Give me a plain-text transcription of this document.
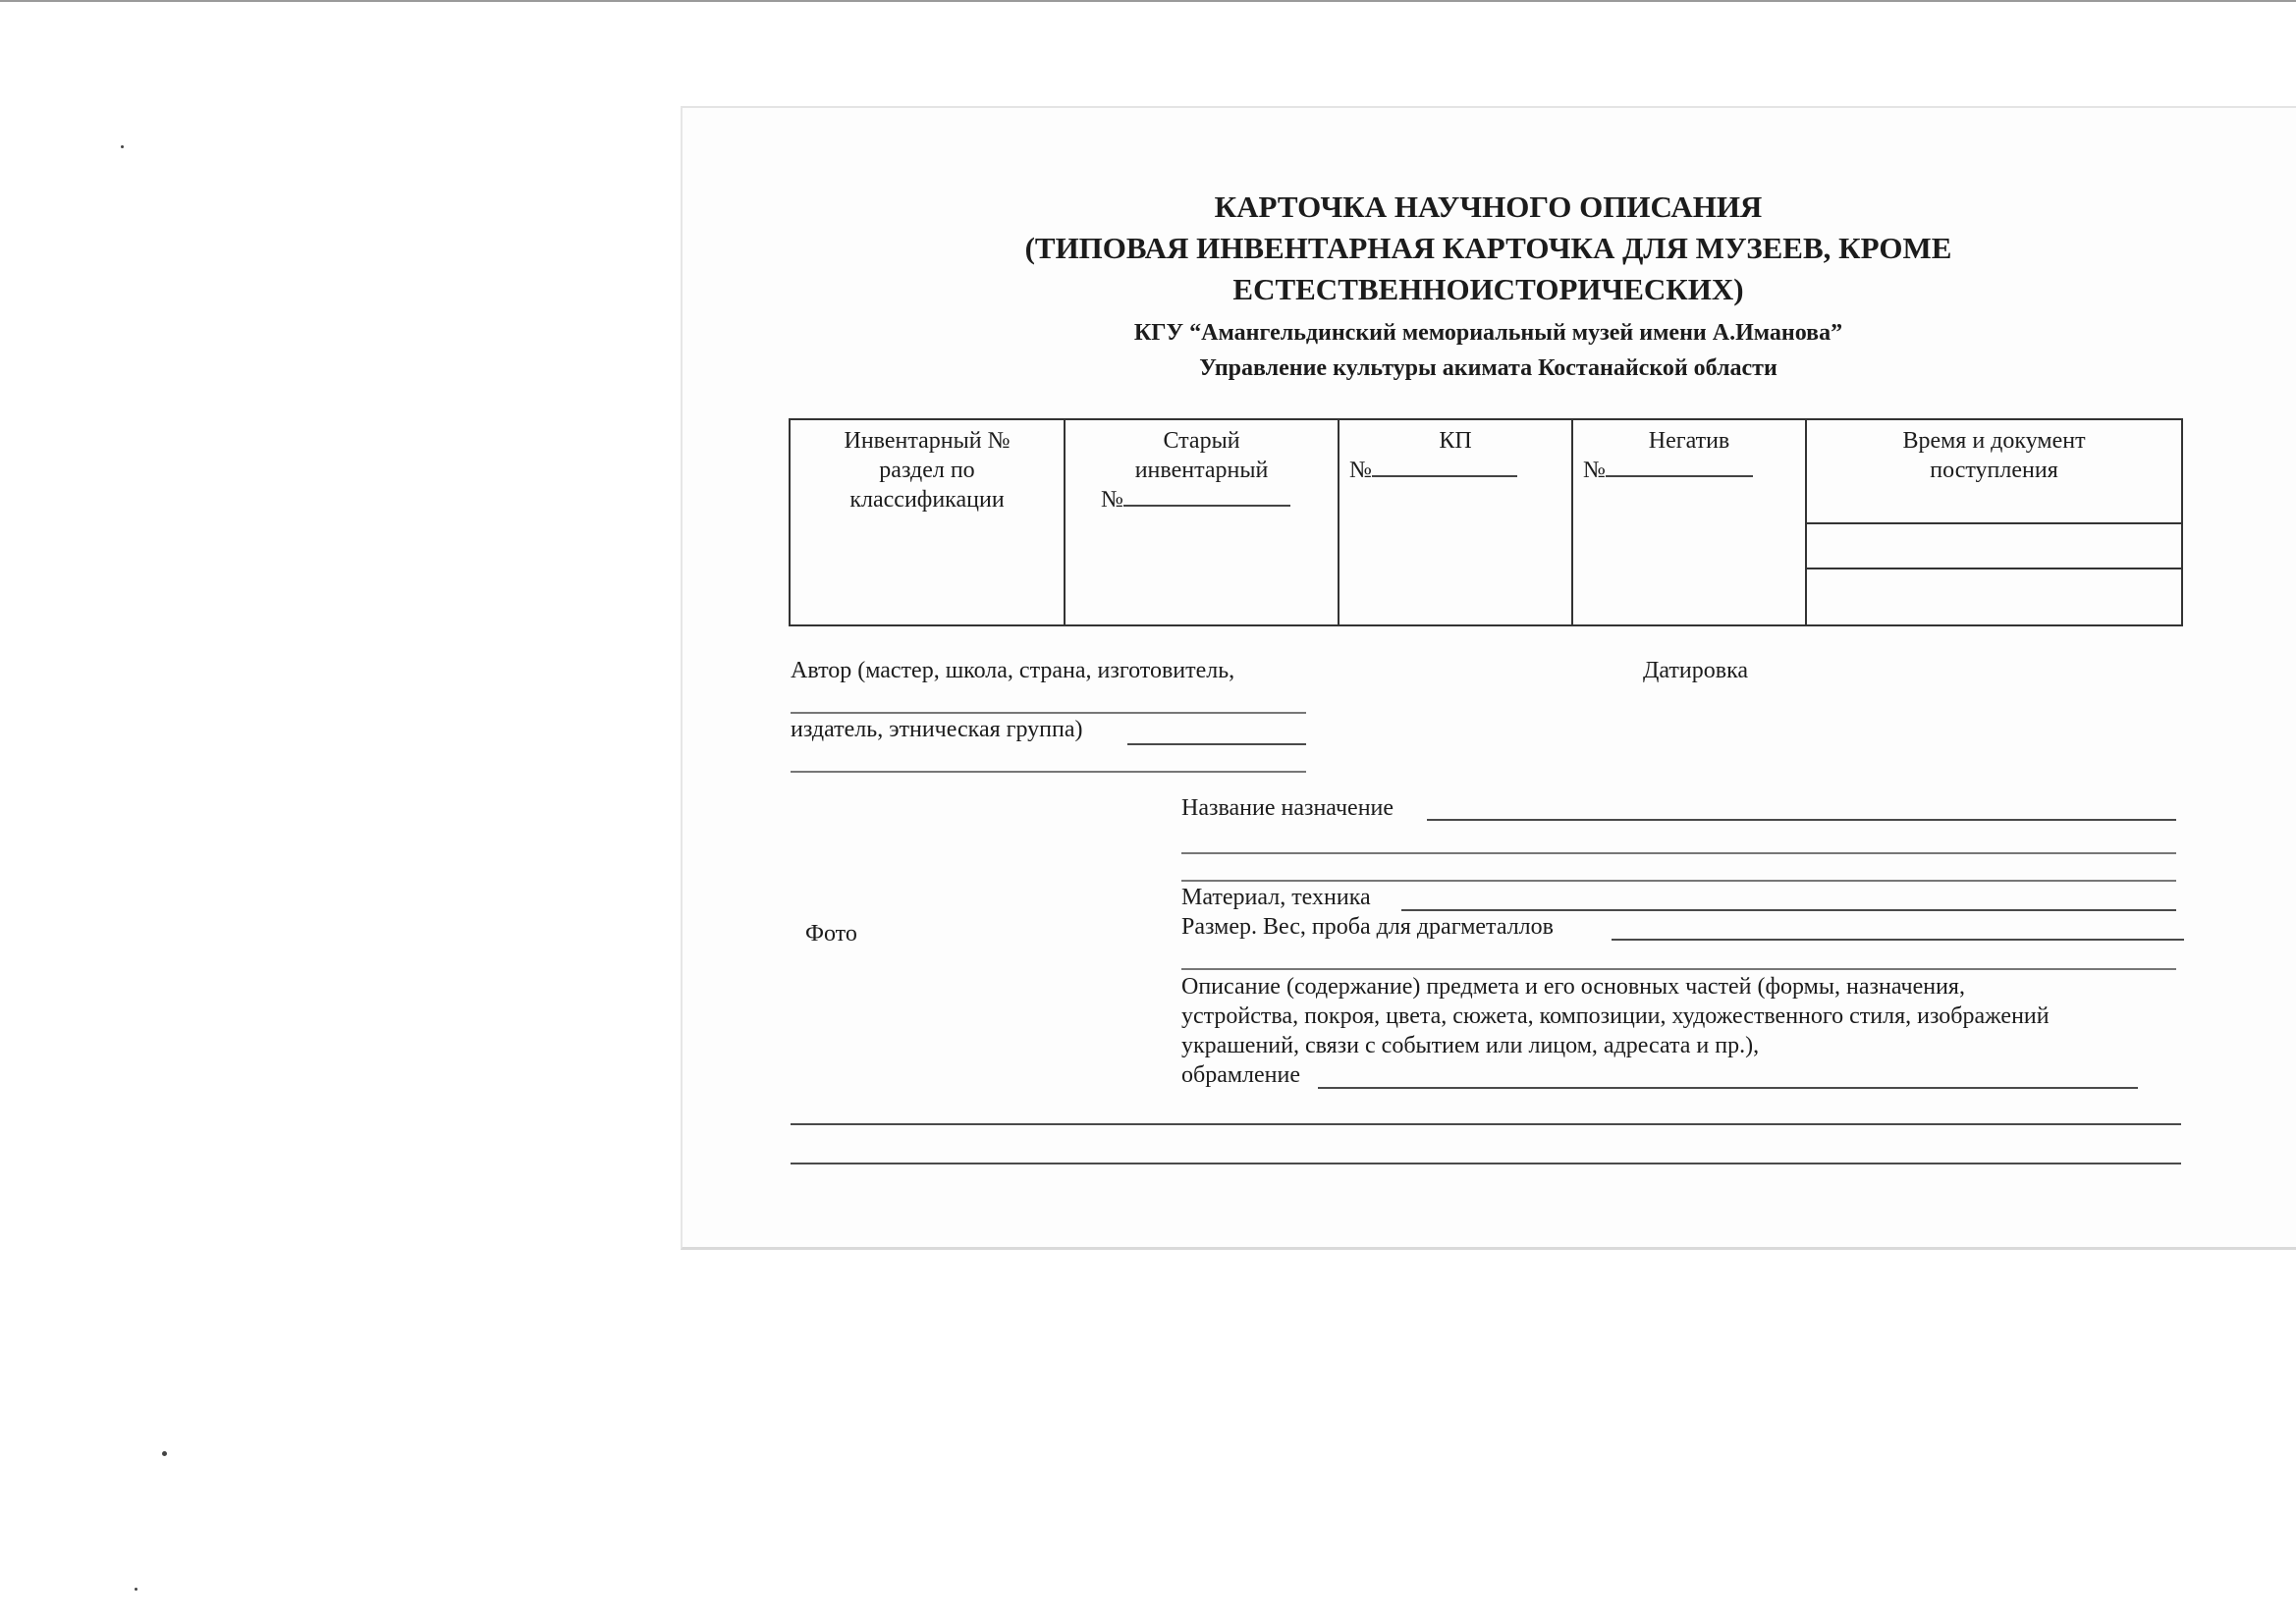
КАРТОЧКА НАУЧНОГО ОПИСАНИЯ
(ТИПОВАЯ ИНВЕНТАРНАЯ КАРТОЧКА ДЛЯ МУЗЕЕВ, КРОМЕ
ЕСТЕСТВЕННОИСТОРИЧЕСКИХ)
КГУ “Амангельдинский мемориальный музей имени А.Иманова”
Управление культуры акимата Костанайской области
Инвентарный №
раздел по
классификации

Старый
инвентарный
№

КП
№

Негатив
№

Время и документ
поступления
Автор (мастер, школа, страна, изготовитель,
издатель, этническая группа)
Датировка
Фото
Название назначение
Материал, техника
Размер. Вес, проба для драгметаллов
Описание (содержание) предмета и его основных частей (формы, назначения,
устройства, покроя, цвета, сюжета, композиции, художественного стиля, изображений
украшений, связи с событием или лицом, адресата и пр.),
обрамление
